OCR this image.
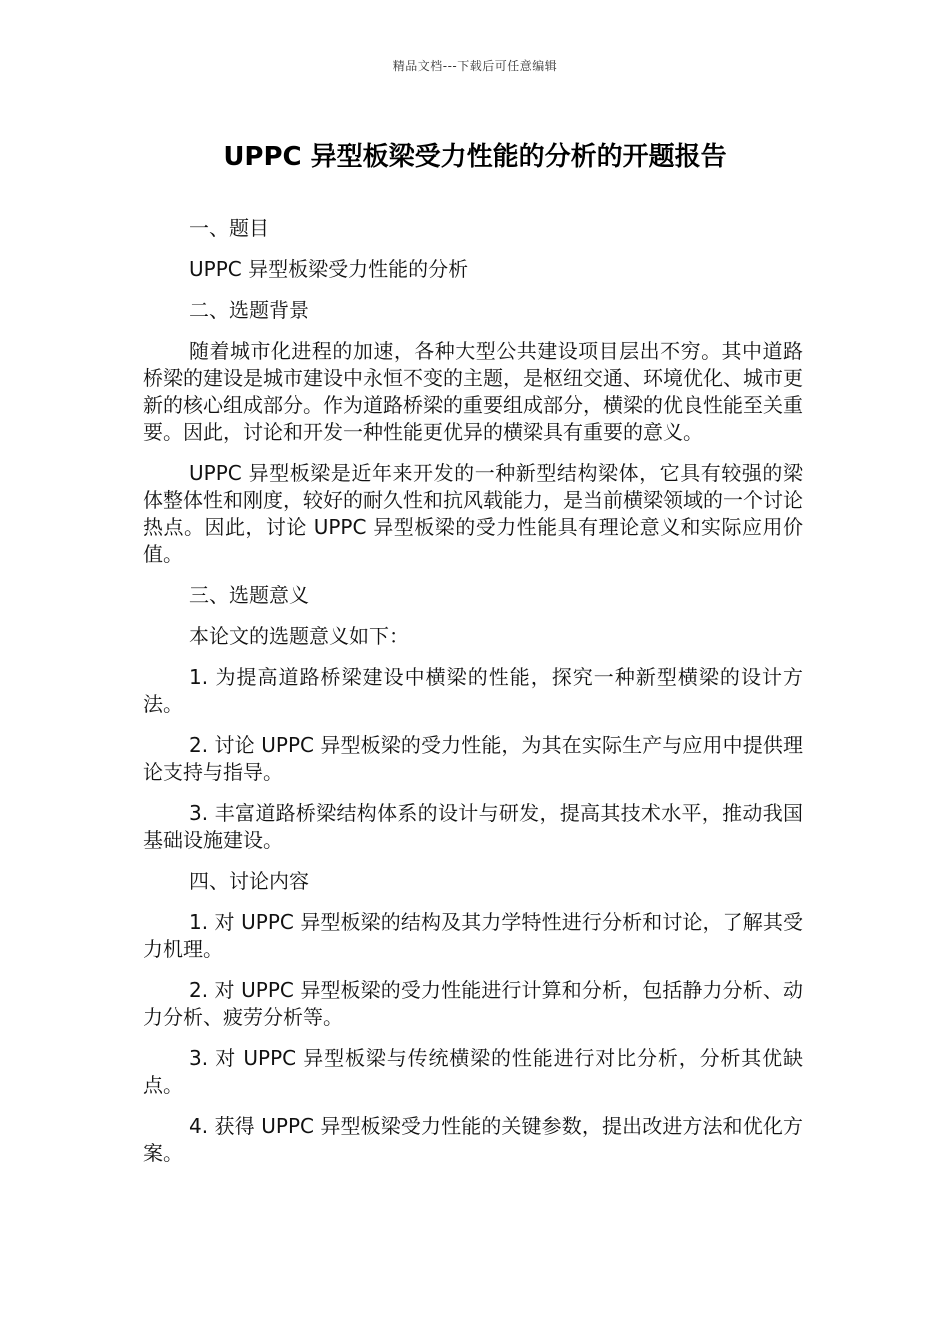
精品文档---下载后可任意编辑
UPPC 异型板梁受力性能的分析的开题报告

一、题目

UPPC 异型板梁受力性能的分析

二、选题背景

随着城市化进程的加速，各种大型公共建设项目层出不穷。其中道路桥梁的建设是城市建设中永恒不变的主题，是枢纽交通、环境优化、城市更新的核心组成部分。作为道路桥梁的重要组成部分，横梁的优良性能至关重要。因此，讨论和开发一种性能更优异的横梁具有重要的意义。

UPPC 异型板梁是近年来开发的一种新型结构梁体，它具有较强的梁体整体性和刚度，较好的耐久性和抗风载能力，是当前横梁领域的一个讨论热点。因此，讨论 UPPC 异型板梁的受力性能具有理论意义和实际应用价值。

三、选题意义

本论文的选题意义如下：

1. 为提高道路桥梁建设中横梁的性能，探究一种新型横梁的设计方法。

2. 讨论 UPPC 异型板梁的受力性能，为其在实际生产与应用中提供理论支持与指导。

3. 丰富道路桥梁结构体系的设计与研发，提高其技术水平，推动我国基础设施建设。

四、讨论内容

1. 对 UPPC 异型板梁的结构及其力学特性进行分析和讨论，了解其受力机理。

2. 对 UPPC 异型板梁的受力性能进行计算和分析，包括静力分析、动力分析、疲劳分析等。

3. 对 UPPC 异型板梁与传统横梁的性能进行对比分析，分析其优缺点。

4. 获得 UPPC 异型板梁受力性能的关键参数，提出改进方法和优化方案。
